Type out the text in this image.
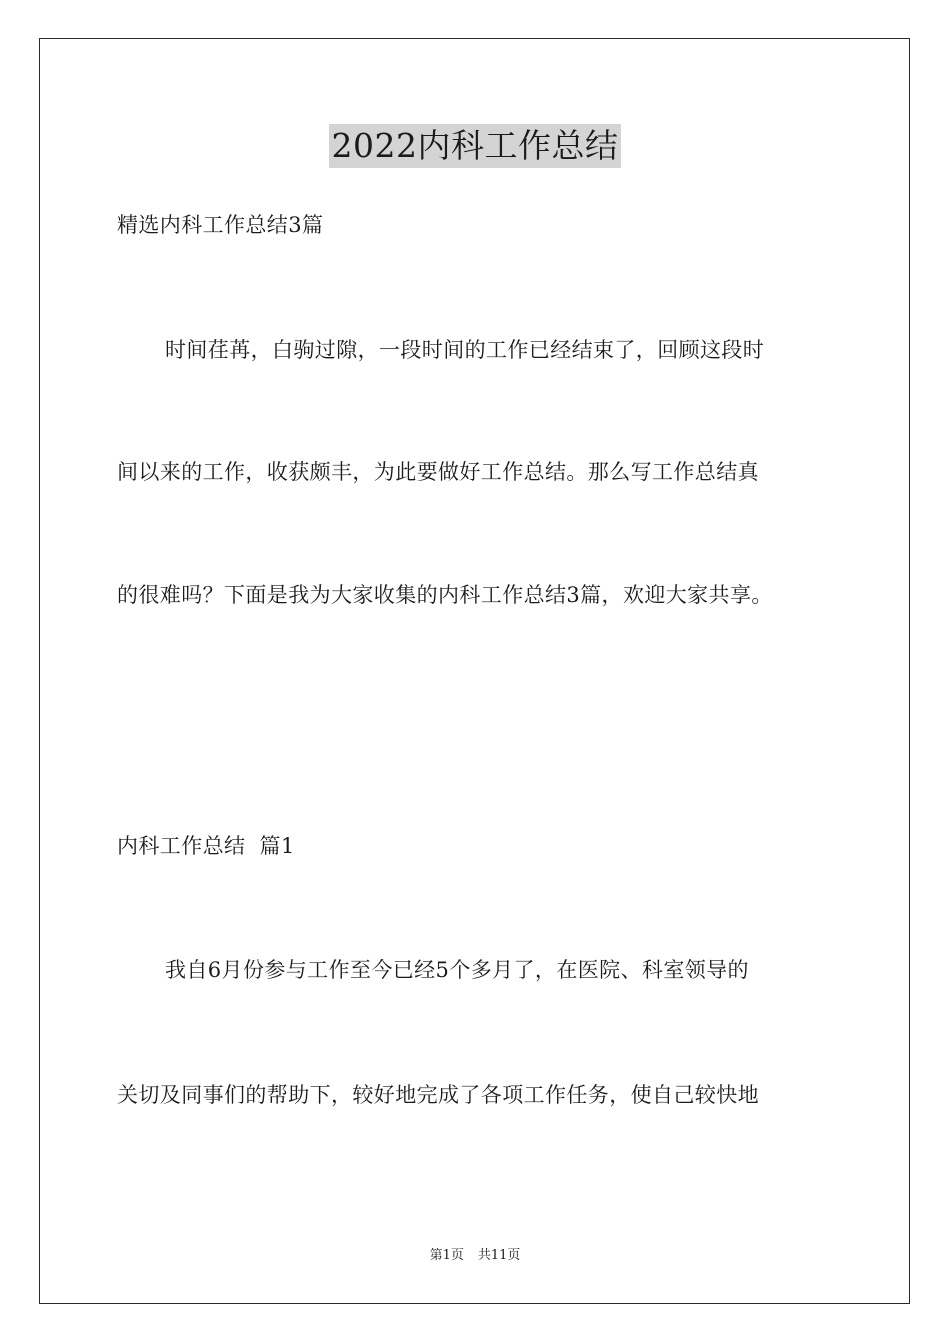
2022内科工作总结

精选内科工作总结3篇

时间荏苒，白驹过隙，一段时间的工作已经结束了，回顾这段时

间以来的工作，收获颇丰，为此要做好工作总结。那么写工作总结真

的很难吗？下面是我为大家收集的内科工作总结3篇，欢迎大家共享。

内科工作总结  篇1

我自6月份参与工作至今已经5个多月了，在医院、科室领导的

关切及同事们的帮助下，较好地完成了各项工作任务，使自己较快地

第1页 共11页
